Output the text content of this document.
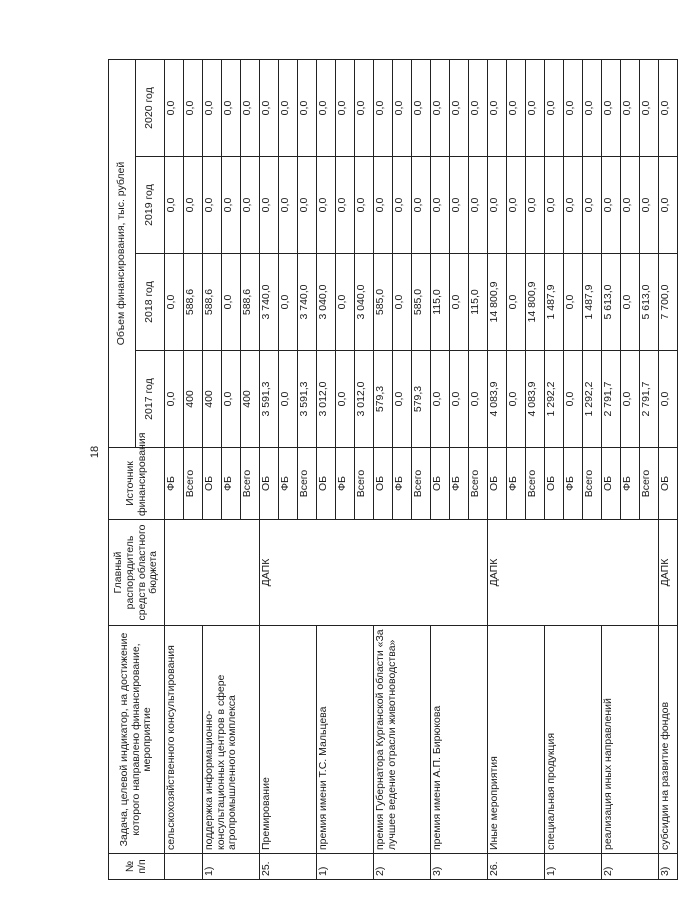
18
№ п/п	Задача, целевой индикатор, на достижение которого направлено финансирование, мероприятие	Главный распорядитель средств областного бюджета	Источник финансирования	Объем финансирования, тыс. рублей			
				2017 год	2018 год	2019 год	2020 год
	сельскохозяйственного консультирования		ФБ	0,0	0,0	0,0	0,0
			Всего	400	588,6	0,0	0,0
1)	поддержка информационно-консультационных центров в сфере агропромышленного комплекса		ОБ	400	588,6	0,0	0,0
			ФБ	0,0	0,0	0,0	0,0
			Всего	400	588,6	0,0	0,0
25.	Премирование	ДАПК	ОБ	3 591,3	3 740,0	0,0	0,0
			ФБ	0,0	0,0	0,0	0,0
			Всего	3 591,3	3 740,0	0,0	0,0
1)	премия имени Т.С. Мальцева		ОБ	3 012,0	3 040,0	0,0	0,0
			ФБ	0,0	0,0	0,0	0,0
			Всего	3 012,0	3 040,0	0,0	0,0
2)	премия Губернатора Курганской области «За лучшее ведение отрасли животноводства»		ОБ	579,3	585,0	0,0	0,0
			ФБ	0,0	0,0	0,0	0,0
			Всего	579,3	585,0	0,0	0,0
3)	премия имени А.П. Бирюкова		ОБ	0,0	115,0	0,0	0,0
			ФБ	0,0	0,0	0,0	0,0
			Всего	0,0	115,0	0,0	0,0
26.	Иные мероприятия	ДАПК	ОБ	4 083,9	14 800,9	0,0	0,0
			ФБ	0,0	0,0	0,0	0,0
			Всего	4 083,9	14 800,9	0,0	0,0
1)	специальная продукция		ОБ	1 292,2	1 487,9	0,0	0,0
			ФБ	0,0	0,0	0,0	0,0
			Всего	1 292,2	1 487,9	0,0	0,0
2)	реализация иных направлений		ОБ	2 791,7	5 613,0	0,0	0,0
			ФБ	0,0	0,0	0,0	0,0
			Всего	2 791,7	5 613,0	0,0	0,0
3)	субсидии на развитие фондов	ДАПК	ОБ	0,0	7 700,0	0,0	0,0
